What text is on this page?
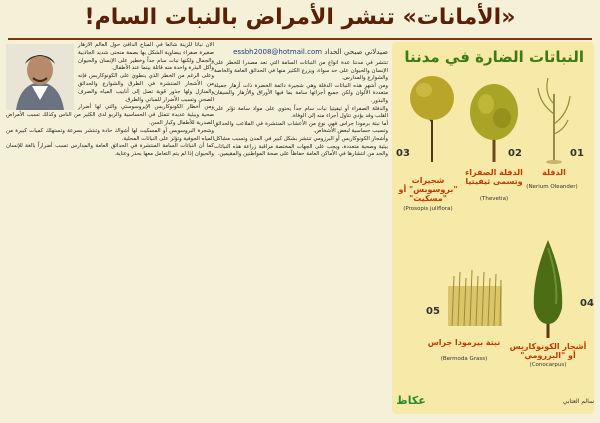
«الأمانات» تنشر الأمراض بالنبات السام!

الأن نباتاً للزينة شائعاً في المناخ الدافئ حول العالم الأزهار صغيرة صفراء بيضاوية الشكل بها بصمة منحنى شديد الجاذبية والجمال ولكنها نبات سام جداً وخطير على الإنسان والحيوان وأكل البذرة واحدة منه قاتلة بينما عند الأطفال.

وعلى الرغم من الخطر الذي ينطوي على الكونوكاربس فإنه من الأشجار المنتشرة في الطرق والشوارع والحدائق والمنازل ولها جذور قوية تصل إلى أنابيب المياه والصرف الصحي وتسبب الأضرار للمباني والطرق.

ومن أخطار الكونوكاربس الإيروسوستي والتي لها أضرار صحية وبيئية عديدة تتمثل في الحساسية والربو لدى الكثير من الناس وكذلك تسبب الأمراض الصدرية للأطفال وكبار السن.

وشجرة البروسوبس أو المسكيت لها أشواك حادة وتنتشر بسرعة وتستهلك كميات كبيرة من المياه الجوفية وتؤثر على النباتات المحلية.

كما أن النباتات السامة المنتشرة في الحدائق العامة والمدارس تسبب أضراراً بالغة للإنسان والحيوان إذا لم يتم التعامل معها بحذر وعناية.

صيدلاني صبحي الحداد essbh2008@hotmail.com

تنتشر في مدننا عدة أنواع من النباتات السامة التي تعد مصدراً للخطر على الإنسان والحيوان على حد سواء، ويزرع الكثير منها في الحدائق العامة والخاصة والشوارع والمدارس.

ومن أشهر هذه النباتات الدفلة وهي شجيرة دائمة الخضرة ذات أزهار جميلة متعددة الألوان ولكن جميع أجزائها سامة بما فيها الأوراق والأزهار والسيقان والبذور.

والدفلة الصفراء أو ثيفيتيا نبات سام جداً يحتوي على مواد سامة تؤثر على القلب وقد يؤدي تناول أجزاء منه إلى الوفاة.

أما نبتة برمودا جراس فهي نوع من الأعشاب المنتشرة في الملاعب والحدائق وتسبب حساسية لبعض الأشخاص.

وأشجار الكونوكاربس أو البرزومي تنتشر بشكل كبير في المدن وتسبب مشاكل بيئية وصحية متعددة، ويجب على الجهات المختصة مراقبة زراعة هذه النباتات والحد من انتشارها في الأماكن العامة حفاظاً على صحة المواطنين والمقيمين.

النباتات الضارة في مدننا
01
الدفلة
(Nerium Oleander)
02
الدفلة الصفراء وتسمى ثيفيتيا
(Thevetia)
03
شجيرات "بروسوبس" أو "مسكيت"
(Prosopis juliflora)
04
أشجار الكونوكاربس أو "البرزومي"
(Conocarpus)
05
نبتة بيرمودا جراس
(Bermoda Grass)
عكاظ	سالم العتابي
